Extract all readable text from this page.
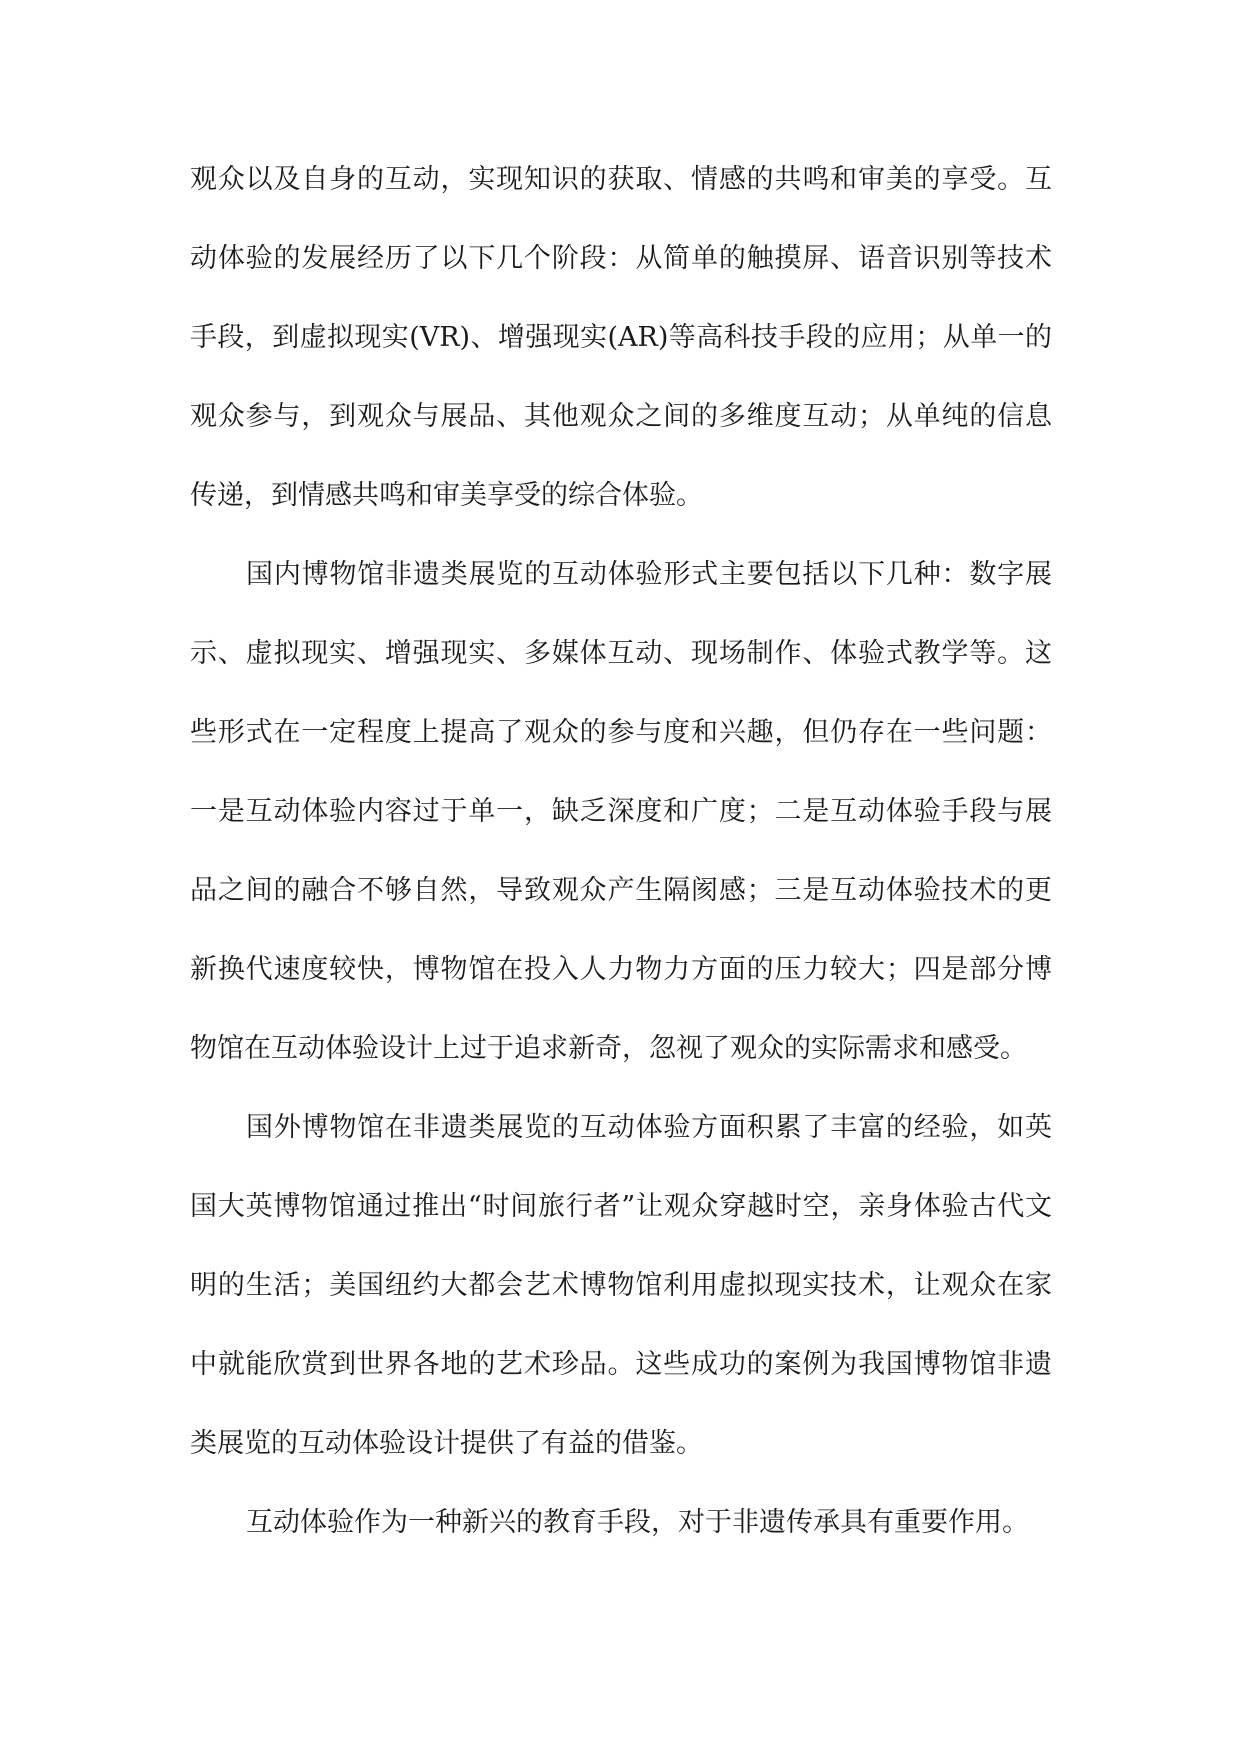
观众以及自身的互动，实现知识的获取、情感的共鸣和审美的享受。互动体验的发展经历了以下几个阶段：从简单的触摸屏、语音识别等技术手段，到虚拟现实(VR)、增强现实(AR)等高科技手段的应用；从单一的观众参与，到观众与展品、其他观众之间的多维度互动；从单纯的信息传递，到情感共鸣和审美享受的综合体验。

国内博物馆非遗类展览的互动体验形式主要包括以下几种：数字展示、虚拟现实、增强现实、多媒体互动、现场制作、体验式教学等。这些形式在一定程度上提高了观众的参与度和兴趣，但仍存在一些问题：一是互动体验内容过于单一，缺乏深度和广度；二是互动体验手段与展品之间的融合不够自然，导致观众产生隔阂感；三是互动体验技术的更新换代速度较快，博物馆在投入人力物力方面的压力较大；四是部分博物馆在互动体验设计上过于追求新奇，忽视了观众的实际需求和感受。

国外博物馆在非遗类展览的互动体验方面积累了丰富的经验，如英国大英博物馆通过推出“时间旅行者”让观众穿越时空，亲身体验古代文明的生活；美国纽约大都会艺术博物馆利用虚拟现实技术，让观众在家中就能欣赏到世界各地的艺术珍品。这些成功的案例为我国博物馆非遗类展览的互动体验设计提供了有益的借鉴。

互动体验作为一种新兴的教育手段，对于非遗传承具有重要作用。
